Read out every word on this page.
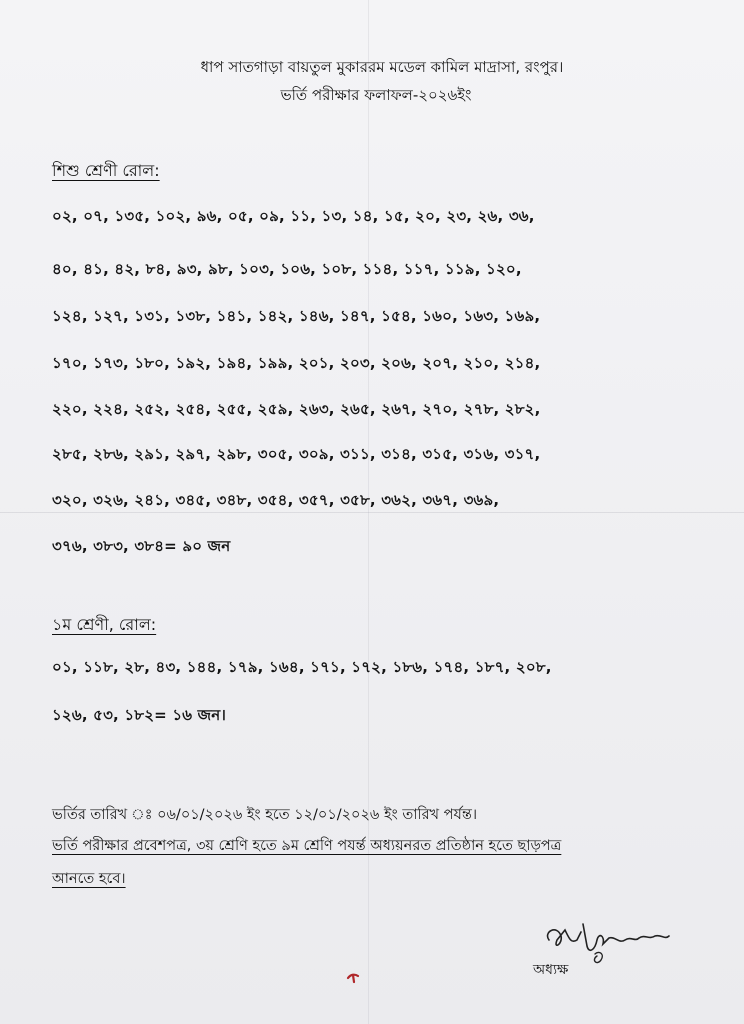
ধাপ সাতগাড়া বায়তুল মুকাররম মডেল কামিল মাদ্রাসা, রংপুর।
ভর্তি পরীক্ষার ফলাফল-২০২৬ইং
শিশু শ্রেণী রোল:
০২, ০৭, ১৩৫, ১০২, ৯৬, ০৫, ০৯, ১১, ১৩, ১৪, ১৫, ২০, ২৩, ২৬, ৩৬,
৪০, ৪১, ৪২, ৮৪, ৯৩, ৯৮, ১০৩, ১০৬, ১০৮, ১১৪, ১১৭, ১১৯, ১২০,
১২৪, ১২৭, ১৩১, ১৩৮, ১৪১, ১৪২, ১৪৬, ১৪৭, ১৫৪, ১৬০, ১৬৩, ১৬৯,
১৭০, ১৭৩, ১৮০, ১৯২, ১৯৪, ১৯৯, ২০১, ২০৩, ২০৬, ২০৭, ২১০, ২১৪,
২২০, ২২৪, ২৫২, ২৫৪, ২৫৫, ২৫৯, ২৬৩, ২৬৫, ২৬৭, ২৭০, ২৭৮, ২৮২,
২৮৫, ২৮৬, ২৯১, ২৯৭, ২৯৮, ৩০৫, ৩০৯, ৩১১, ৩১৪, ৩১৫, ৩১৬, ৩১৭,
৩২০, ৩২৬, ২৪১, ৩৪৫, ৩৪৮, ৩৫৪, ৩৫৭, ৩৫৮, ৩৬২, ৩৬৭, ৩৬৯,
৩৭৬, ৩৮৩, ৩৮৪= ৯০ জন
১ম শ্রেণী, রোল:
০১, ১১৮, ২৮, ৪৩, ১৪৪, ১৭৯, ১৬৪, ১৭১, ১৭২, ১৮৬, ১৭৪, ১৮৭, ২০৮,
১২৬, ৫৩, ১৮২= ১৬ জন।
ভর্তির তারিখ ঃ ০৬/০১/২০২৬ ইং হতে ১২/০১/২০২৬ ইং তারিখ পর্যন্ত।
ভর্তি পরীক্ষার প্রবেশপত্র, ৩য় শ্রেণি হতে ৯ম শ্রেণি পযর্ন্ত অধ্যয়নরত প্রতিষ্ঠান হতে ছাড়পত্র
আনতে হবে।
অধ্যক্ষ
